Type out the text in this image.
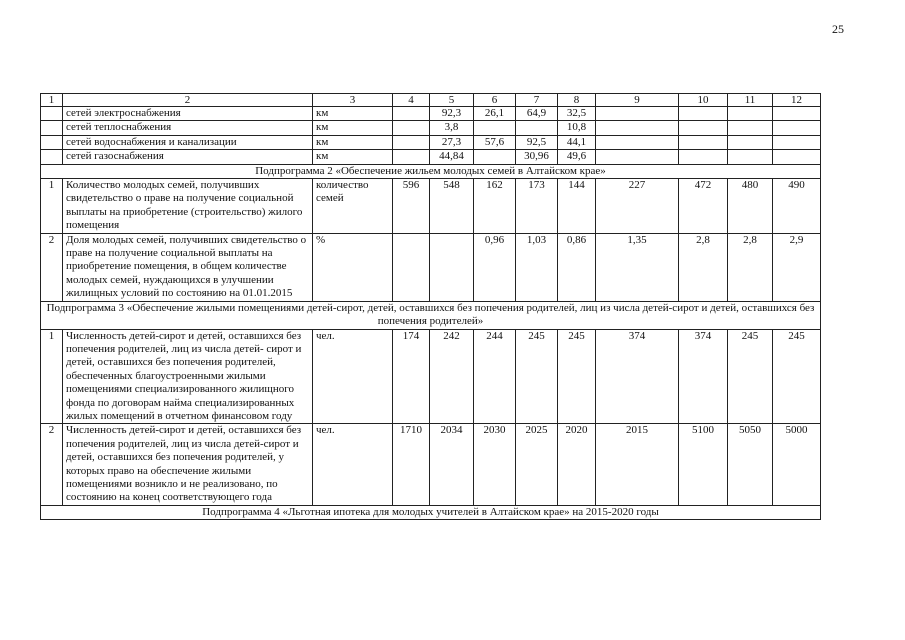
25
1	2	3	4	5	6	7	8	9	10	11	12
	сетей электроснабжения	км		92,3	26,1	64,9	32,5				
	сетей теплоснабжения	км		3,8			10,8				
	сетей водоснабжения и канализации	км		27,3	57,6	92,5	44,1				
	сетей газоснабжения	км		44,84		30,96	49,6				
Подпрограмма 2 «Обеспечение жильем молодых семей в Алтайском крае»											
1	Количество молодых семей, получивших свидетельство о праве на получение социальной выплаты на приобретение (строительство) жилого помещения	количество семей	596	548	162	173	144	227	472	480	490
2	Доля молодых семей, получивших свидетельство о праве на получение социальной выплаты на приобретение помещения, в общем количестве молодых семей, нуждающихся в улучшении жилищных условий по состоянию на 01.01.2015	%			0,96	1,03	0,86	1,35	2,8	2,8	2,9
Подпрограмма 3 «Обеспечение жилыми помещениями детей-сирот, детей, оставшихся без попечения родителей, лиц из числа детей-сирот и детей, оставшихся без попечения родителей»											
1	Численность детей-сирот и детей, оставшихся без попечения родителей, лиц из числа детей- сирот и детей, оставшихся без попечения родителей, обеспеченных благоустроенными жилыми помещениями специализированного жилищного фонда по договорам найма специализированных жилых помещений в отчетном финансовом году	чел.	174	242	244	245	245	374	374	245	245
2	Численность детей-сирот и детей, оставшихся без попечения родителей, лиц из числа детей-сирот и детей, оставшихся без попечения родителей, у которых право на обеспечение жилыми помещениями возникло и не реализовано, по состоянию на конец соответствующего года	чел.	1710	2034	2030	2025	2020	2015	5100	5050	5000
Подпрограмма 4 «Льготная ипотека для молодых учителей в Алтайском крае» на 2015-2020 годы											
